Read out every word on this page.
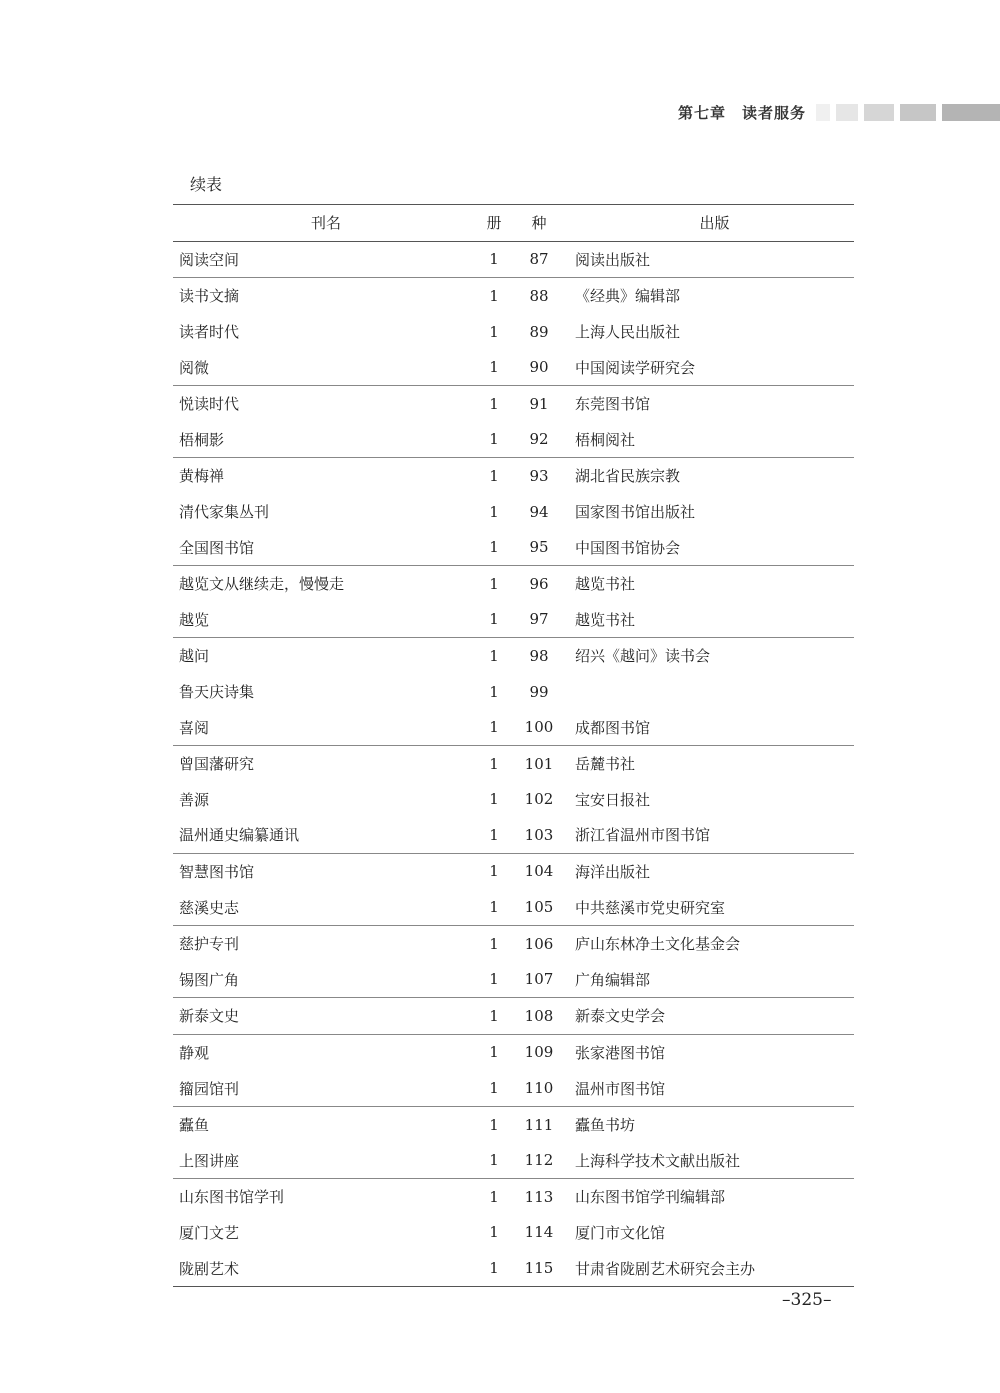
第七章　读者服务
续表
刊名	册	种	出版
阅读空间	1	87	阅读出版社
读书文摘	1	88	《经典》编辑部
读者时代	1	89	上海人民出版社
阅微	1	90	中国阅读学研究会
悦读时代	1	91	东莞图书馆
梧桐影	1	92	梧桐阅社
黄梅禅	1	93	湖北省民族宗教
清代家集丛刊	1	94	国家图书馆出版社
全国图书馆	1	95	中国图书馆协会
越览文从继续走，慢慢走	1	96	越览书社
越览	1	97	越览书社
越问	1	98	绍兴《越问》读书会
鲁天庆诗集	1	99	
喜阅	1	100	成都图书馆
曾国藩研究	1	101	岳麓书社
善源	1	102	宝安日报社
温州通史编纂通讯	1	103	浙江省温州市图书馆
智慧图书馆	1	104	海洋出版社
慈溪史志	1	105	中共慈溪市党史研究室
慈护专刊	1	106	庐山东林净土文化基金会
锡图广角	1	107	广角编辑部
新泰文史	1	108	新泰文史学会
静观	1	109	张家港图书馆
籀园馆刊	1	110	温州市图书馆
蠹鱼	1	111	蠹鱼书坊
上图讲座	1	112	上海科学技术文献出版社
山东图书馆学刊	1	113	山东图书馆学刊编辑部
厦门文艺	1	114	厦门市文化馆
陇剧艺术	1	115	甘肃省陇剧艺术研究会主办
–325–
